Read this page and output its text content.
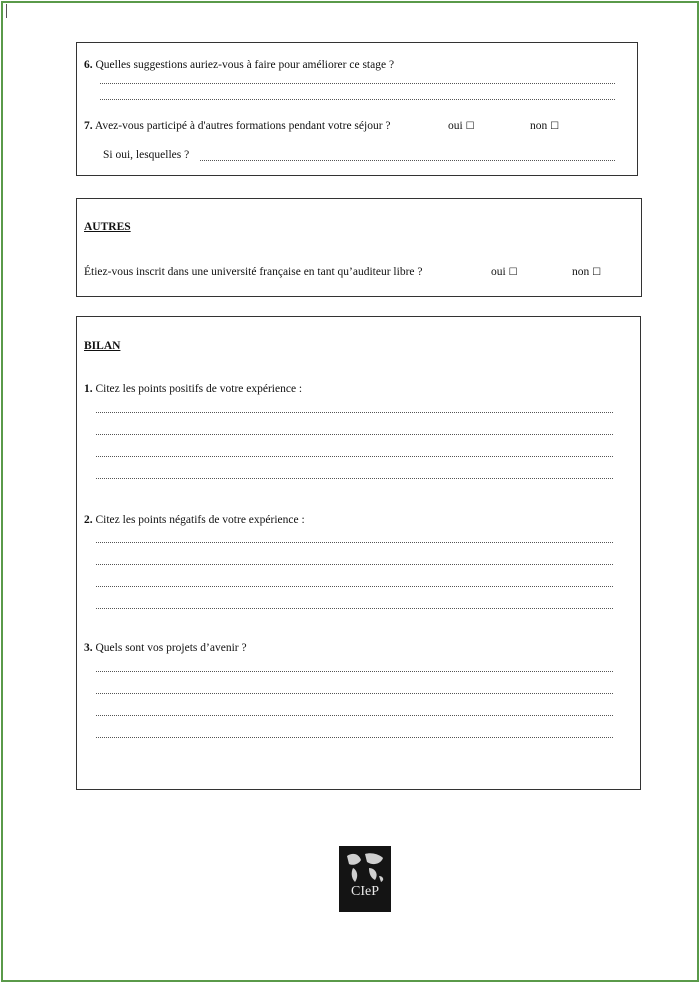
6. Quelles suggestions auriez-vous à faire pour améliorer ce stage ?
7. Avez-vous participé à d'autres formations pendant votre séjour ?	oui ☐	non ☐
Si oui, lesquelles ?
AUTRES
Étiez-vous inscrit dans une université française en tant qu’auditeur libre ?	oui ☐	non ☐
BILAN
1. Citez les points positifs de votre expérience :
2. Citez les points négatifs de votre expérience :
3. Quels sont vos projets d’avenir ?
CIeP
